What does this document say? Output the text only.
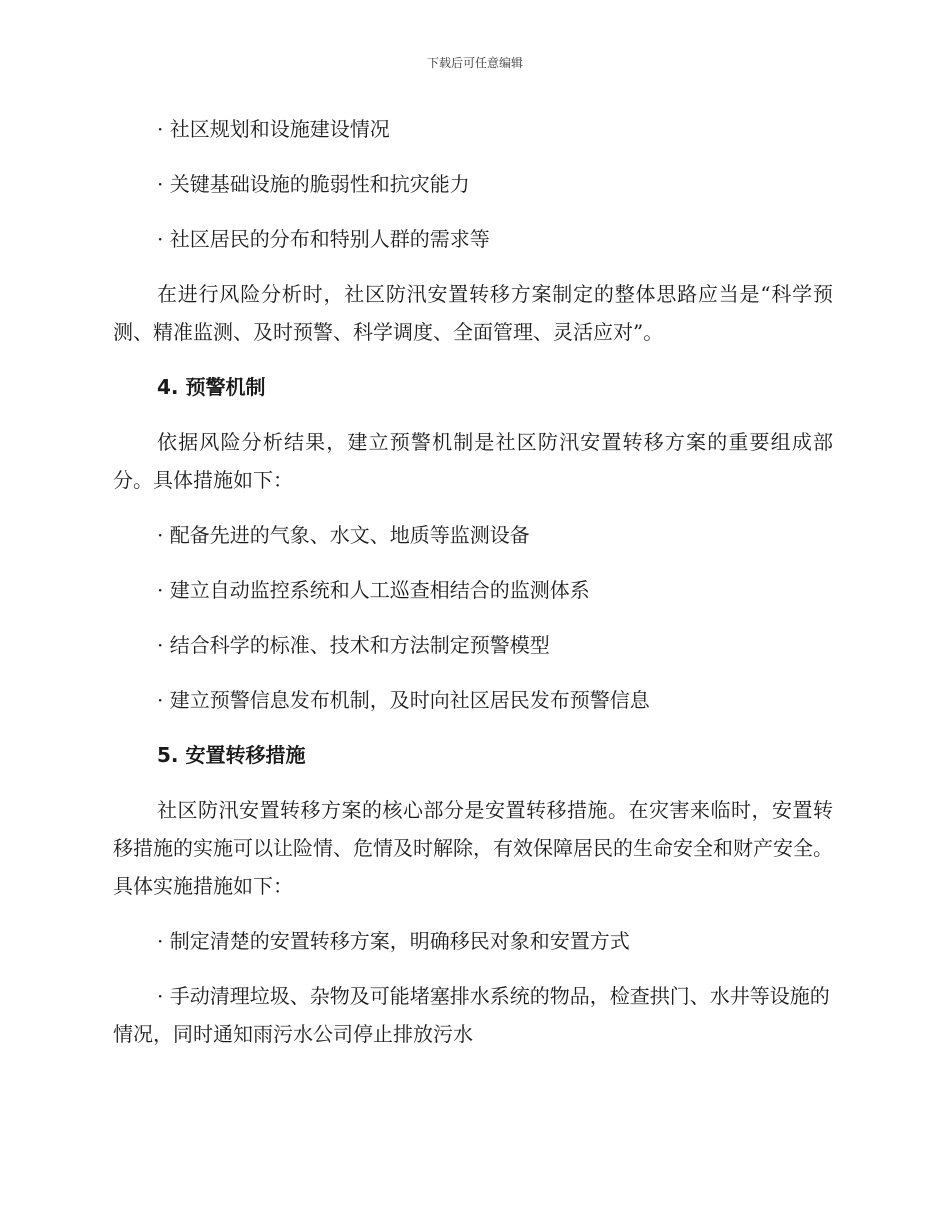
下载后可任意编辑

· 社区规划和设施建设情况

· 关键基础设施的脆弱性和抗灾能力

· 社区居民的分布和特别人群的需求等

在进行风险分析时，社区防汛安置转移方案制定的整体思路应当是“科学预测、精准监测、及时预警、科学调度、全面管理、灵活应对”。

4. 预警机制

依据风险分析结果，建立预警机制是社区防汛安置转移方案的重要组成部分。具体措施如下：

· 配备先进的气象、水文、地质等监测设备

· 建立自动监控系统和人工巡查相结合的监测体系

· 结合科学的标准、技术和方法制定预警模型

· 建立预警信息发布机制，及时向社区居民发布预警信息

5. 安置转移措施

社区防汛安置转移方案的核心部分是安置转移措施。在灾害来临时，安置转移措施的实施可以让险情、危情及时解除，有效保障居民的生命安全和财产安全。具体实施措施如下：

· 制定清楚的安置转移方案，明确移民对象和安置方式

· 手动清理垃圾、杂物及可能堵塞排水系统的物品，检查拱门、水井等设施的情况，同时通知雨污水公司停止排放污水
